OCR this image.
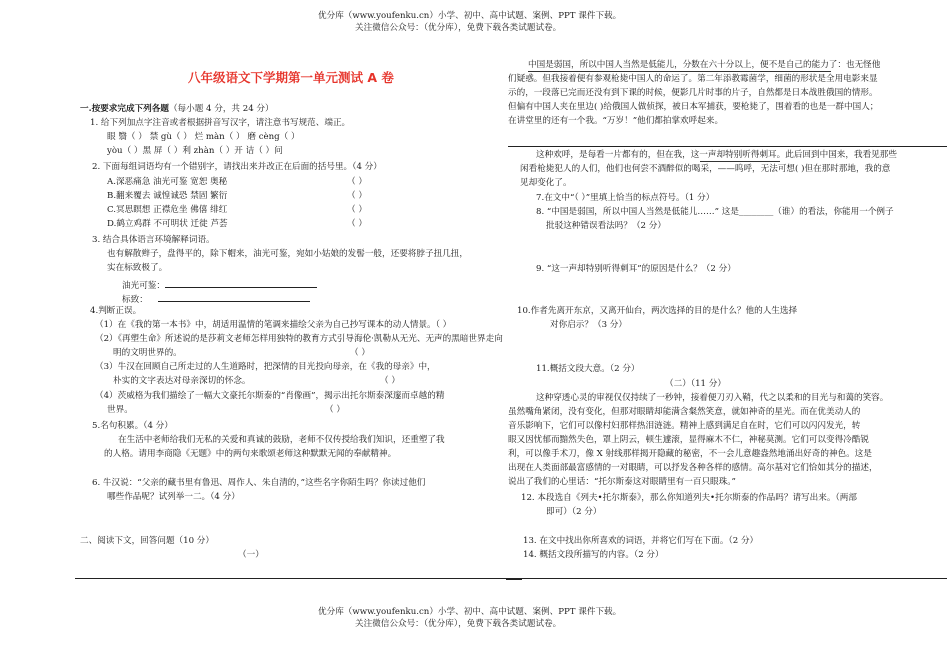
优分库（www.youfenku.cn）小学、初中、高中试题、案例、PPT 课件下载。
关注微信公众号：（优分库），免费下载各类试题试卷。
八年级语文下学期第一单元测试 A 卷
一.按要求完成下列各题（每小题 4 分，共 24 分）
1. 给下列加点字注音或者根据拼音写汉字，请注意书写规范、端正。
眼 翳（ ） 禁 gù（ ） 烂 màn（ ） 磨 cèng（ ）
yòu（ ）黑 屏（ ）利 zhàn（ ）开 诘（ ）问
2. 下面每组词语均有一个错别字，请找出来并改正在后面的括号里。（4 分）
A.深恶痛急 油光可鉴 宽恕 奥秘
B.翻来覆去 诚惶诚恐 禁固 繁衍
C.冥思瞑想 正襟危坐 佛僖 绯红
D.鹤立鸡群 不可明状 迁徙 芦荟
（ ）
（ ）
（ ）
（ ）
3. 结合具体语言环境解释词语。
也有解散辫子，盘得平的，除下帽来，油光可鉴，宛如小姑娘的发髻一般，还要将脖子扭几扭，
实在标致极了。
油光可鉴：
标致：
4.判断正误。
（1）在《我的第一本书》中，胡适用温情的笔调来描绘父亲为自己抄写课本的动人情景。（ ）
（2）《再塑生命》所述说的是莎莉文老师怎样用独特的教育方式引导海伦·凯勒从无光、无声的黑暗世界走向
明的文明世界的。	（ ）
（3）牛汉在回顾自己所走过的人生道路时，把深情的目光投向母亲，在《我的母亲》中，
朴实的文字表达对母亲深切的怀念。	（ ）
（4）茨威格为我们描绘了一幅大文豪托尔斯泰的“肖像画”，揭示出托尔斯泰深邃而卓越的精
世界。	（ ）
5.名句积累。（4 分）
在生活中老师给我们无私的关爱和真诚的鼓励，老师不仅传授给我们知识，还重塑了我
的人格。请用李商隐《无题》中的两句来歌颂老师这种默默无闻的奉献精神。
6. 牛汉说：“父亲的藏书里有鲁迅、周作人、朱自清的，”这些名字你陌生吗？你读过他们
哪些作品呢？试列举一二。（4 分）
二、阅读下文，回答问题（10 分）
（一）
中国是弱国，所以中国人当然是低能儿，分数在六十分以上，便不是自己的能力了：也无怪他
们疑惑。但我接着便有参观枪毙中国人的命运了。第二年添教霉菌学，细菌的形状是全用电影来显
示的，一段落已完而还没有到下课的时候，便影几片时事的片子，自然都是日本战胜俄国的情形。
但偏有中国人夹在里边( )给俄国人做侦探，被日本军捕获，要枪毙了，围着看的也是一群中国人；
在讲堂里的还有一个我。“万岁！”他们都拍掌欢呼起来。
这种欢呼，是每看一片都有的，但在我，这一声却特别听得刺耳。此后回到中国来，我看见那些
闲看枪毙犯人的人们，他们也何尝不酒醉似的喝采，——呜呼，无法可想( )但在那时那地，我的意
见却变化了。
7.在文中“（ ）”里填上恰当的标点符号。（1 分）
8. “中国是弱国，所以中国人当然是低能儿……” 这是________（谁）的看法，你能用一个例子
批驳这种错误看法吗？（2 分）
9. “这一声却特别听得刺耳”的原因是什么？（2 分）
10.作者先离开东京，又离开仙台，两次选择的目的是什么？他的人生选择
对你启示？（3 分）
11.概括文段大意。（2 分）
（二）（11 分）
这种穿透心灵的审视仅仅持续了一秒钟，接着便刀刃入鞘，代之以柔和的目光与和蔼的笑容。
虽然嘴角紧闭，没有变化，但那对眼睛却能满含粲然笑意，就如神奇的星光。而在优美动人的
音乐影响下，它们可以像村妇那样热泪涟涟。精神上感到满足自在时，它们可以闪闪发光，转
眼又因忧郁而黯然失色，罩上阴云，顿生遽滚，显得麻木不仁，神秘莫测。它们可以变得冷酷锐
利，可以像手术刀，像 X 射线那样揭开隐藏的秘密，不一会儿意趣盎然地涌出好奇的神色。这是
出现在人类面部最富感情的一对眼睛，可以抒发各种各样的感情。高尔基对它们恰如其分的描述，
说出了我们的心里话：“托尔斯泰这对眼睛里有一百只眼珠。”
12. 本段选自《列夫•托尔斯泰》，那么你知道列夫•托尔斯泰的作品吗？请写出来。（两部
即可）（2 分）
13. 在文中找出你所喜欢的词语，并将它们写在下面。（2 分）
14. 概括文段所描写的内容。（2 分）
优分库（www.youfenku.cn）小学、初中、高中试题、案例、PPT 课件下载。
关注微信公众号：（优分库），免费下载各类试题试卷。
